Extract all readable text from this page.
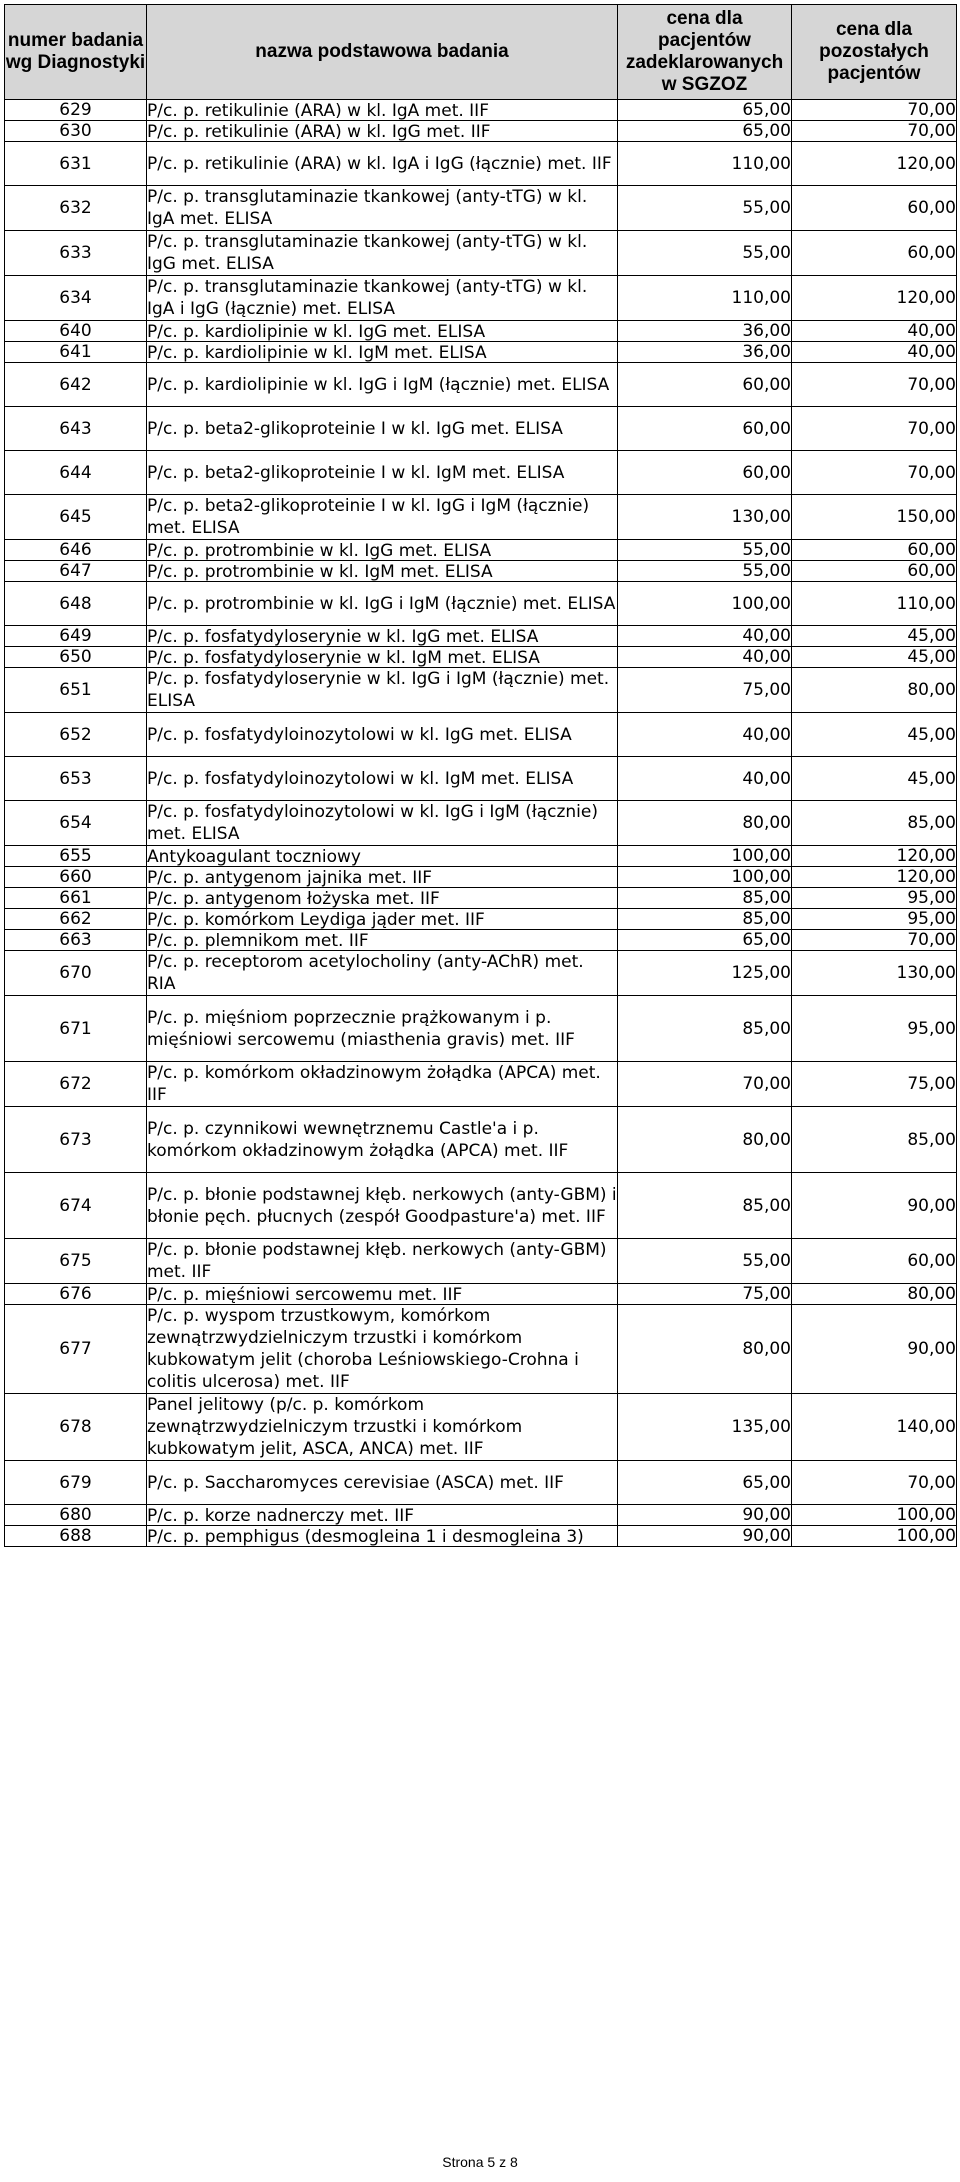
numer badania wg Diagnostyki	nazwa podstawowa badania	cena dla pacjentów zadeklarowanych w SGZOZ	cena dla pozostałych pacjentów

629	P/c. p. retikulinie (ARA) w kl. IgA met. IIF	65,00	70,00
630	P/c. p. retikulinie (ARA) w kl. IgG met. IIF	65,00	70,00
631	P/c. p. retikulinie (ARA) w kl. IgA i IgG (łącznie) met. IIF	110,00	120,00
632	P/c. p. transglutaminazie tkankowej (anty-tTG) w kl. IgA met. ELISA	55,00	60,00
633	P/c. p. transglutaminazie tkankowej (anty-tTG) w kl. IgG met. ELISA	55,00	60,00
634	P/c. p. transglutaminazie tkankowej (anty-tTG) w kl. IgA i IgG (łącznie) met. ELISA	110,00	120,00
640	P/c. p. kardiolipinie w kl. IgG met. ELISA	36,00	40,00
641	P/c. p. kardiolipinie w kl. IgM met. ELISA	36,00	40,00
642	P/c. p. kardiolipinie w kl. IgG i IgM (łącznie) met. ELISA	60,00	70,00
643	P/c. p. beta2-glikoproteinie I w kl. IgG met. ELISA	60,00	70,00
644	P/c. p. beta2-glikoproteinie I w kl. IgM met. ELISA	60,00	70,00
645	P/c. p. beta2-glikoproteinie I w kl. IgG i IgM (łącznie) met. ELISA	130,00	150,00
646	P/c. p. protrombinie w kl. IgG met. ELISA	55,00	60,00
647	P/c. p. protrombinie w kl. IgM met. ELISA	55,00	60,00
648	P/c. p. protrombinie w kl. IgG i IgM (łącznie) met. ELISA	100,00	110,00
649	P/c. p. fosfatydyloserynie w kl. IgG met. ELISA	40,00	45,00
650	P/c. p. fosfatydyloserynie w kl. IgM met. ELISA	40,00	45,00
651	P/c. p. fosfatydyloserynie w kl. IgG i IgM (łącznie) met. ELISA	75,00	80,00
652	P/c. p. fosfatydyloinozytolowi w kl. IgG met. ELISA	40,00	45,00
653	P/c. p. fosfatydyloinozytolowi w kl. IgM met. ELISA	40,00	45,00
654	P/c. p. fosfatydyloinozytolowi w kl. IgG i IgM (łącznie) met. ELISA	80,00	85,00
655	Antykoagulant toczniowy	100,00	120,00
660	P/c. p. antygenom jajnika met. IIF	100,00	120,00
661	P/c. p. antygenom łożyska met. IIF	85,00	95,00
662	P/c. p. komórkom Leydiga jąder met. IIF	85,00	95,00
663	P/c. p. plemnikom met. IIF	65,00	70,00
670	P/c. p. receptorom acetylocholiny (anty-AChR) met. RIA	125,00	130,00
671	P/c. p. mięśniom poprzecznie prążkowanym i p. mięśniowi sercowemu (miasthenia gravis) met. IIF	85,00	95,00
672	P/c. p. komórkom okładzinowym żołądka (APCA) met. IIF	70,00	75,00
673	P/c. p. czynnikowi wewnętrznemu Castle'a i p. komórkom okładzinowym żołądka (APCA) met. IIF	80,00	85,00
674	P/c. p. błonie podstawnej kłęb. nerkowych (anty-GBM) i błonie pęch. płucnych (zespół Goodpasture'a) met. IIF	85,00	90,00
675	P/c. p. błonie podstawnej kłęb. nerkowych (anty-GBM) met. IIF	55,00	60,00
676	P/c. p. mięśniowi sercowemu met. IIF	75,00	80,00
677	P/c. p. wyspom trzustkowym, komórkom zewnątrzwydzielniczym trzustki i komórkom kubkowatym jelit (choroba Leśniowskiego-Crohna i colitis ulcerosa) met. IIF	80,00	90,00
678	Panel jelitowy (p/c. p. komórkom zewnątrzwydzielniczym trzustki i komórkom kubkowatym jelit, ASCA, ANCA) met. IIF	135,00	140,00
679	P/c. p. Saccharomyces cerevisiae (ASCA) met. IIF	65,00	70,00
680	P/c. p. korze nadnerczy met. IIF	90,00	100,00
688	P/c. p. pemphigus (desmogleina 1 i desmogleina 3)	90,00	100,00
Strona 5 z 8
